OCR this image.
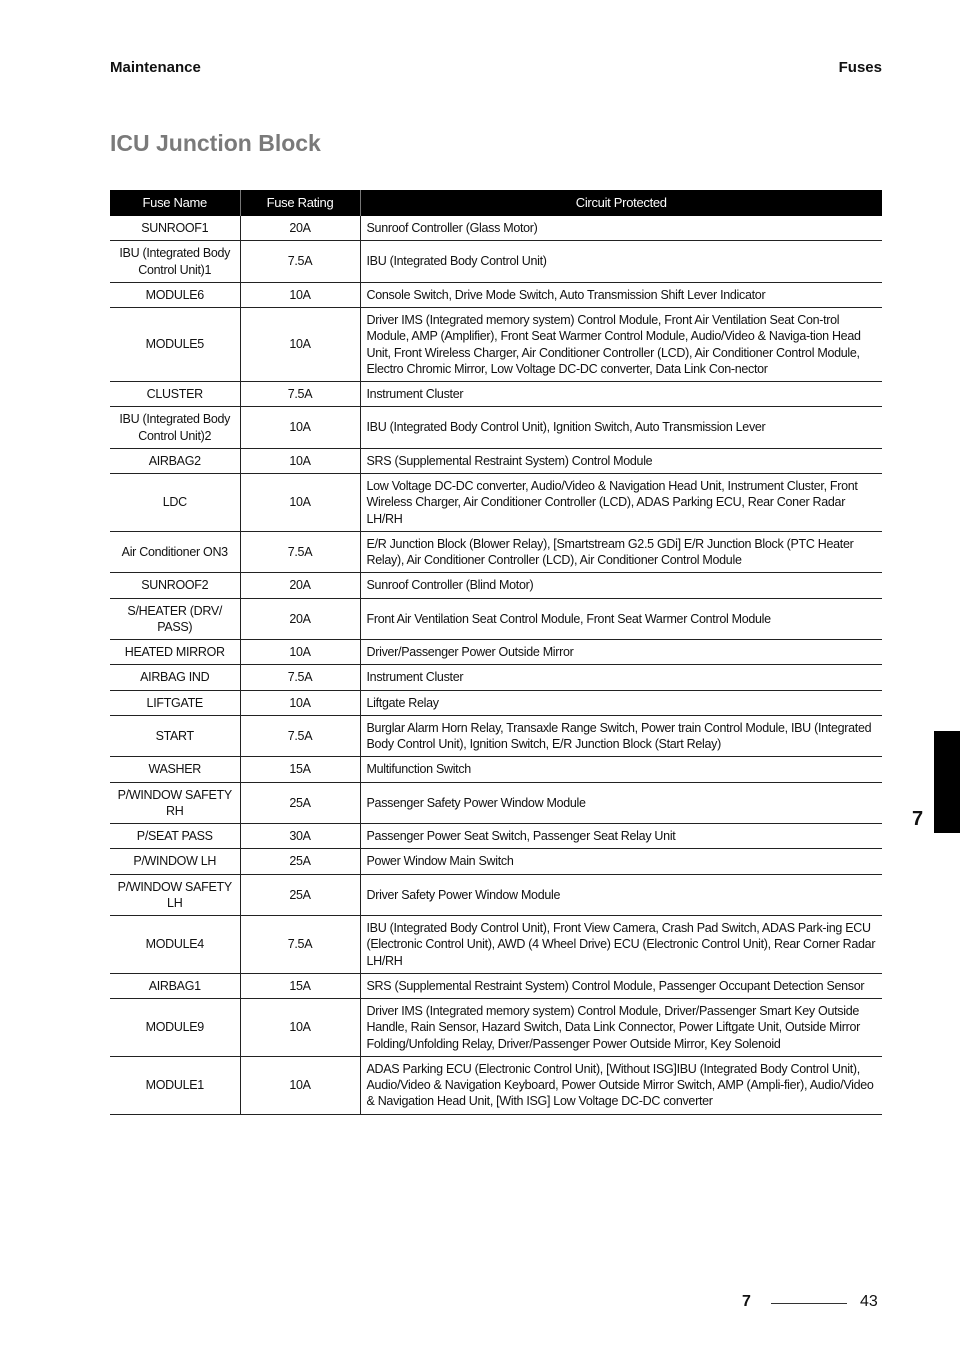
Maintenance	Fuses
ICU Junction Block
Fuse Name	Fuse Rating	Circuit Protected
SUNROOF1	20A	Sunroof Controller (Glass Motor)
IBU (Integrated Body Control Unit)1	7.5A	IBU (Integrated Body Control Unit)
MODULE6	10A	Console Switch, Drive Mode Switch, Auto Transmission Shift Lever Indicator
MODULE5	10A	Driver IMS (Integrated memory system) Control Module, Front Air Ventilation Seat Con-trol Module, AMP (Amplifier), Front Seat Warmer Control Module, Audio/Video & Naviga-tion Head Unit, Front Wireless Charger, Air Conditioner Controller (LCD), Air Conditioner Control Module, Electro Chromic Mirror, Low Voltage DC-DC converter, Data Link Con-nector
CLUSTER	7.5A	Instrument Cluster
IBU (Integrated Body Control Unit)2	10A	IBU (Integrated Body Control Unit), Ignition Switch, Auto Transmission Lever
AIRBAG2	10A	SRS (Supplemental Restraint System) Control Module
LDC	10A	Low Voltage DC-DC converter, Audio/Video & Navigation Head Unit, Instrument Cluster, Front Wireless Charger, Air Conditioner Controller (LCD), ADAS Parking ECU, Rear Coner Radar LH/RH
Air Conditioner ON3	7.5A	E/R Junction Block (Blower Relay), [Smartstream G2.5 GDi] E/R Junction Block (PTC Heater Relay), Air Conditioner Controller (LCD), Air Conditioner Control Module
SUNROOF2	20A	Sunroof Controller (Blind Motor)
S/HEATER (DRV/ PASS)	20A	Front Air Ventilation Seat Control Module, Front Seat Warmer Control Module
HEATED MIRROR	10A	Driver/Passenger Power Outside Mirror
AIRBAG IND	7.5A	Instrument Cluster
LIFTGATE	10A	Liftgate Relay
START	7.5A	Burglar Alarm Horn Relay, Transaxle Range Switch, Power train Control Module, IBU (Integrated Body Control Unit), Ignition Switch, E/R Junction Block (Start Relay)
WASHER	15A	Multifunction Switch
P/WINDOW SAFETY RH	25A	Passenger Safety Power Window Module
P/SEAT PASS	30A	Passenger Power Seat Switch, Passenger Seat Relay Unit
P/WINDOW LH	25A	Power Window Main Switch
P/WINDOW SAFETY LH	25A	Driver Safety Power Window Module
MODULE4	7.5A	IBU (Integrated Body Control Unit), Front View Camera, Crash Pad Switch, ADAS Park-ing ECU (Electronic Control Unit), AWD (4 Wheel Drive) ECU (Electronic Control Unit), Rear Corner Radar LH/RH
AIRBAG1	15A	SRS (Supplemental Restraint System) Control Module, Passenger Occupant Detection Sensor
MODULE9	10A	Driver IMS (Integrated memory system) Control Module, Driver/Passenger Smart Key Outside Handle, Rain Sensor, Hazard Switch, Data Link Connector, Power Liftgate Unit, Outside Mirror Folding/Unfolding Relay, Driver/Passenger Power Outside Mirror, Key Solenoid
MODULE1	10A	ADAS Parking ECU (Electronic Control Unit), [Without ISG]IBU (Integrated Body Control Unit), Audio/Video & Navigation Keyboard, Power Outside Mirror Switch, AMP (Ampli-fier), Audio/Video & Navigation Head Unit, [With ISG] Low Voltage DC-DC converter
7
7	43
